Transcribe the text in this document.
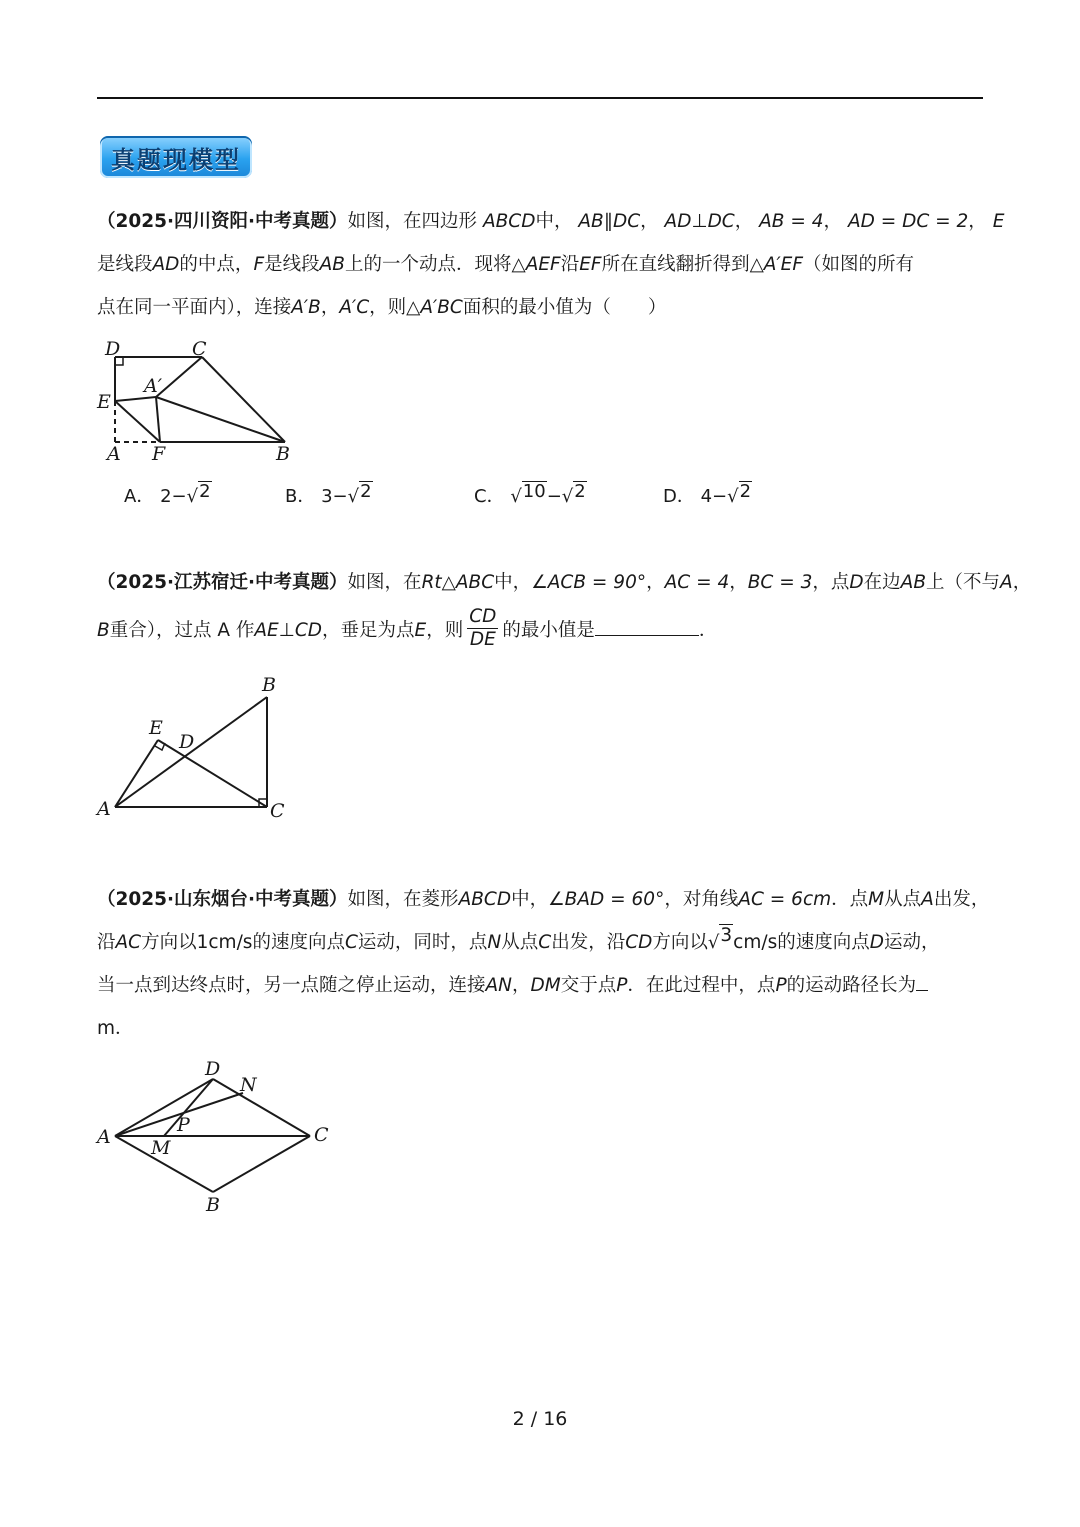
真题现模型
（2025·四川资阳·中考真题）如图，在四边形 ABCD中， AB∥DC， AD⊥DC， AB = 4， AD = DC = 2， E
是线段AD的中点，F是线段AB上的一个动点．现将△AEF沿EF所在直线翻折得到△A′EF（如图的所有
点在同一平面内），连接A′B，A′C，则△A′BC面积的最小值为（　　）
D	C
A′
E
A F	B
A． 2− √ 2	B． 3− √ 2	C． √ 10 − √ 2	D． 4− √ 2
（2025·江苏宿迁·中考真题）如图，在Rt△ABC中，∠ACB = 90°，AC = 4，BC = 3，点D在边AB上（不与A，
B重合），过点 A 作AE⊥CD，垂足为点E，则 $\frac{CD}{DE}$ 的最小值是	．
B
E
D
A	C
（2025·山东烟台·中考真题）如图，在菱形ABCD中，∠BAD = 60°，对角线AC = 6cm．点M从点A出发，
沿AC方向以1cm/s的速度向点C运动，同时，点N从点C出发，沿CD方向以 √ 3 cm/s的速度向点D运动，
当一点到达终点时，另一点随之停止运动，连接AN，DM交于点P．在此过程中，点P的运动路径长为
m．
D
N
A
P	C
M
B
2 / 16
